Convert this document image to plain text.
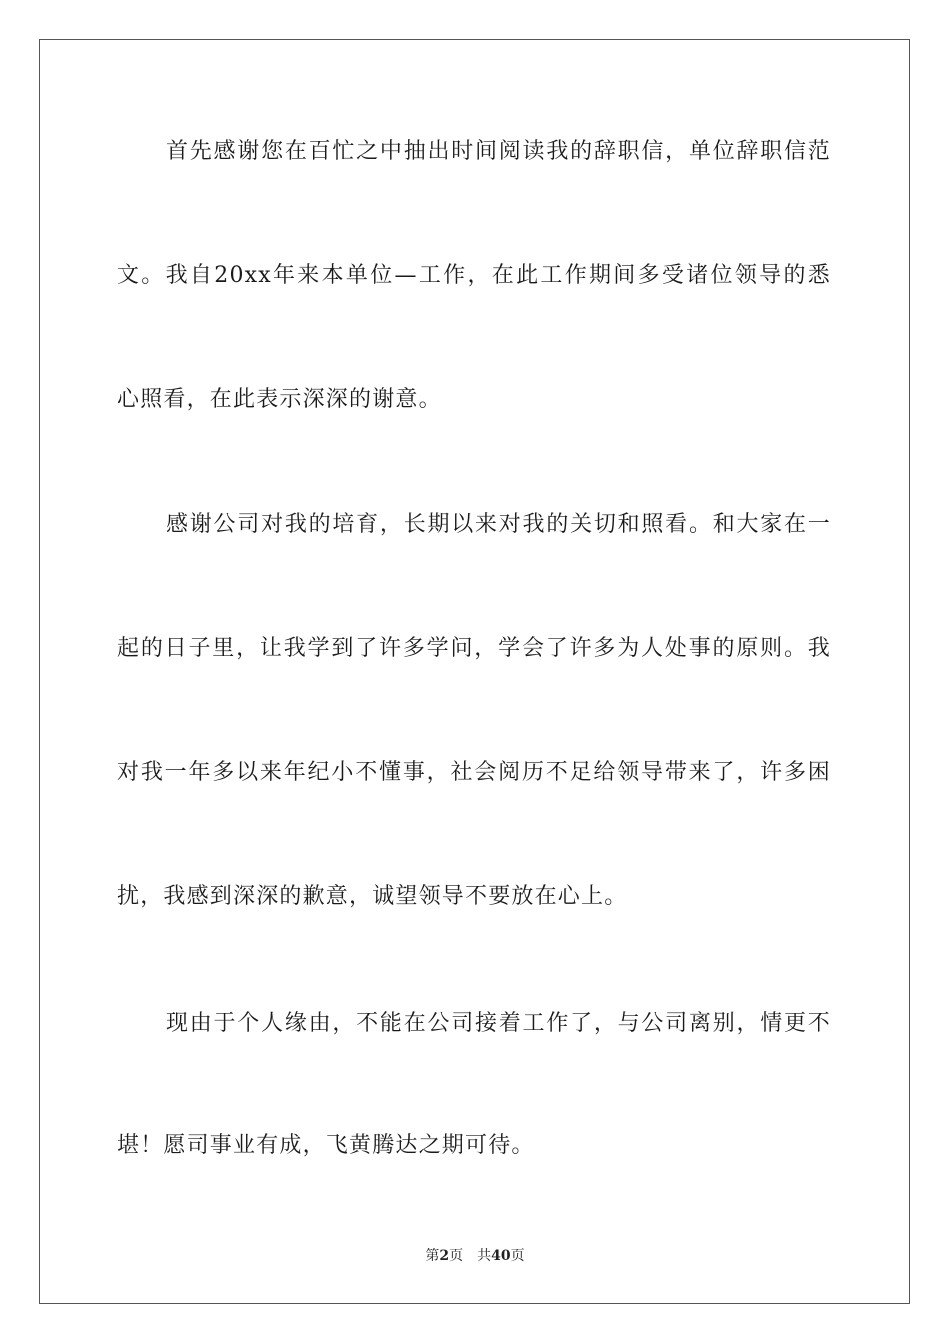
首先感谢您在百忙之中抽出时间阅读我的辞职信，单位辞职信范
文。我自20xx年来本单位—工作，在此工作期间多受诸位领导的悉
心照看，在此表示深深的谢意。
感谢公司对我的培育，长期以来对我的关切和照看。和大家在一
起的日子里，让我学到了许多学问，学会了许多为人处事的原则。我
对我一年多以来年纪小不懂事，社会阅历不足给领导带来了，许多困
扰，我感到深深的歉意，诚望领导不要放在心上。
现由于个人缘由，不能在公司接着工作了，与公司离别，情更不
堪！愿司事业有成，飞黄腾达之期可待。
第2页 共40页
